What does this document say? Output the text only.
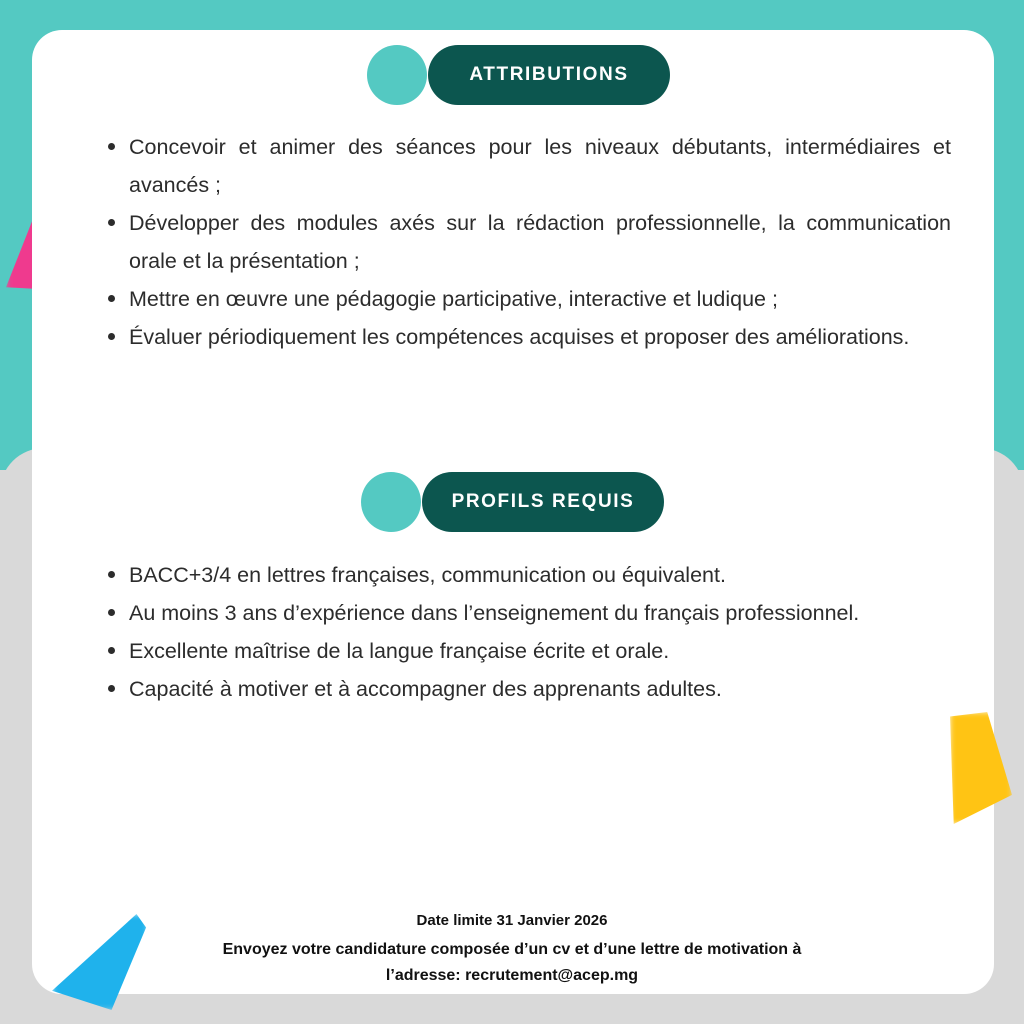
ATTRIBUTIONS
Concevoir et animer des séances pour les niveaux débutants, intermédiaires et avancés ;
Développer des modules axés sur la rédaction professionnelle, la communication orale et la présentation ;
Mettre en œuvre une pédagogie participative, interactive et ludique ;
Évaluer périodiquement les compétences acquises et proposer des améliorations.
PROFILS REQUIS
BACC+3/4 en lettres françaises, communication ou équivalent.
Au moins 3 ans d’expérience dans l’enseignement du français professionnel.
Excellente maîtrise de la langue française écrite et orale.
Capacité à motiver et à accompagner des apprenants adultes.
Date limite 31 Janvier 2026
Envoyez votre candidature composée d’un cv et d’une lettre de motivation à
l’adresse: recrutement@acep.mg
